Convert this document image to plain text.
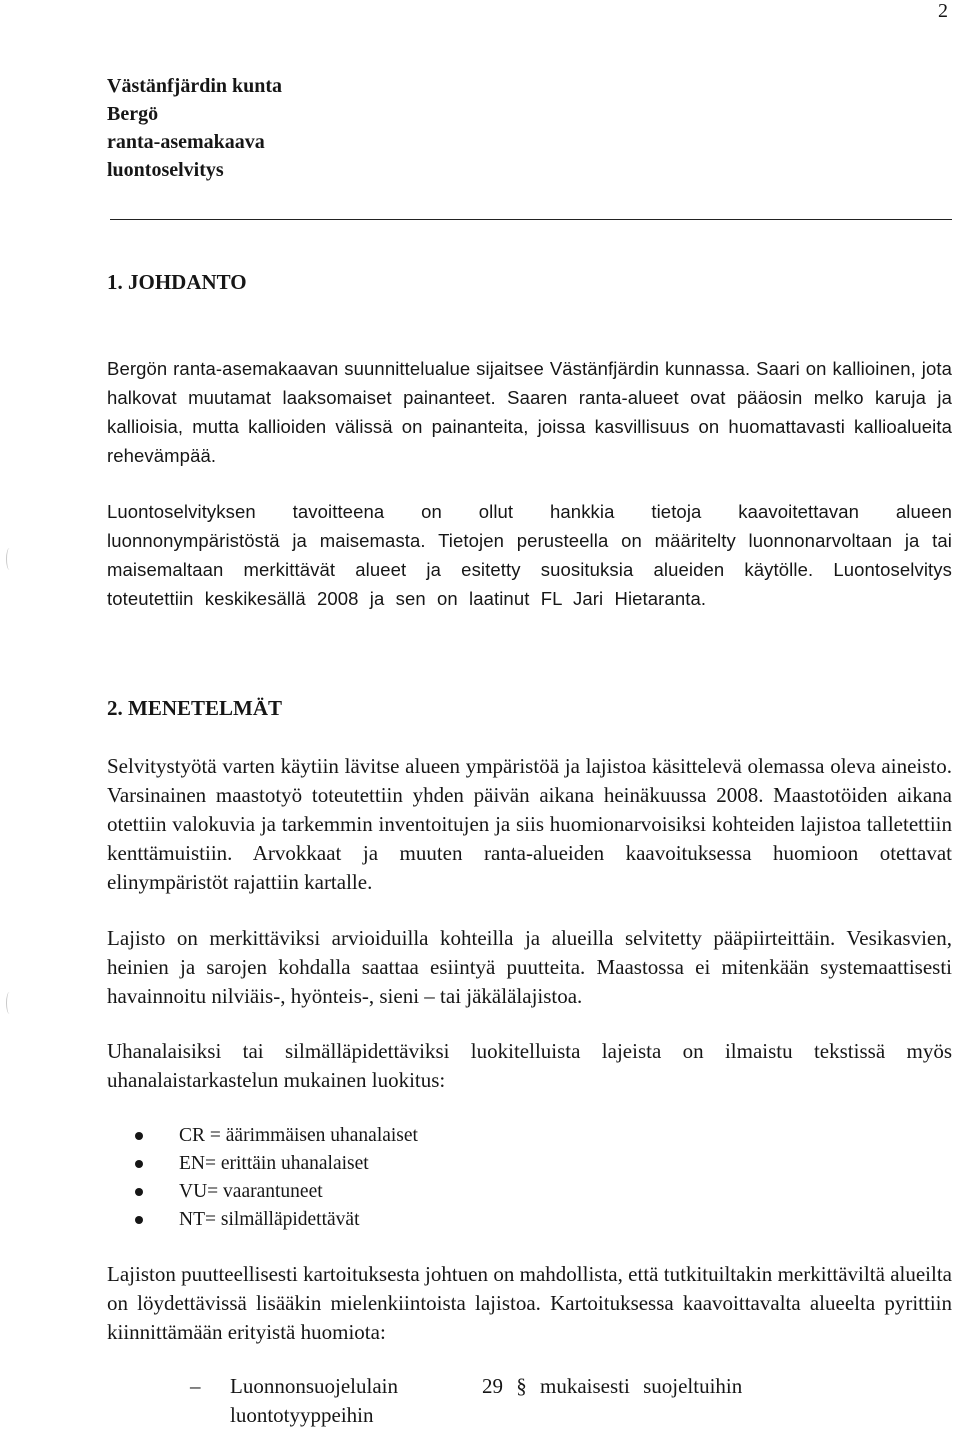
2
Västänfjärdin kunta
Bergö
ranta-asemakaava
luontoselvitys
1. JOHDANTO

Bergön ranta-asemakaavan suunnittelualue sijaitsee Västänfjärdin kunnassa. Saari on kallioinen, jota halkovat muutamat laaksomaiset painanteet. Saaren ranta-alueet ovat pääosin melko karuja ja kallioisia, mutta kallioiden välissä on painanteita, joissa kasvillisuus on huomattavasti kallioalueita rehevämpää.

Luontoselvityksen tavoitteena on ollut hankkia tietoja kaavoitettavan alueen luonnonympäristöstä ja maisemasta. Tietojen perusteella on määritelty luonnonarvoltaan ja tai maisemaltaan merkittävät alueet ja esitetty suosituksia alueiden käytölle. Luontoselvitys toteutettiin keskikesällä 2008 ja sen on laatinut FL Jari Hietaranta.

2. MENETELMÄT

Selvitystyötä varten käytiin lävitse alueen ympäristöä ja lajistoa käsittelevä olemassa oleva aineisto. Varsinainen maastotyö toteutettiin yhden päivän aikana heinäkuussa 2008. Maastotöiden aikana otettiin valokuvia ja tarkemmin inventoitujen ja siis huomionarvoisiksi kohteiden lajistoa talletettiin kenttämuistiin. Arvokkaat ja muuten ranta-alueiden kaavoituksessa huomioon otettavat elinympäristöt rajattiin kartalle.

Lajisto on merkittäviksi arvioiduilla kohteilla ja alueilla selvitetty pääpiirteittäin. Vesikasvien, heinien ja sarojen kohdalla saattaa esiintyä puutteita. Maastossa ei mitenkään systemaattisesti havainnoitu nilviäis-, hyönteis-, sieni – tai jäkälälajistoa.

Uhanalaisiksi tai silmälläpidettäviksi luokitelluista lajeista on ilmaistu tekstissä myös uhanalaistarkastelun mukainen luokitus:

CR = äärimmäisen uhanalaiset
EN= erittäin uhanalaiset
VU= vaarantuneet
NT= silmälläpidettävät

Lajiston puutteellisesti kartoituksesta johtuen on mahdollista, että tutkituiltakin merkittäviltä alueilta on löydettävissä lisääkin mielenkiintoista lajistoa. Kartoituksessa kaavoittavalta alueelta pyrittiin kiinnittämään erityistä huomiota:

– Luonnonsuojelulain	29 § mukaisesti suojeltuihin
luontotyyppeihin
